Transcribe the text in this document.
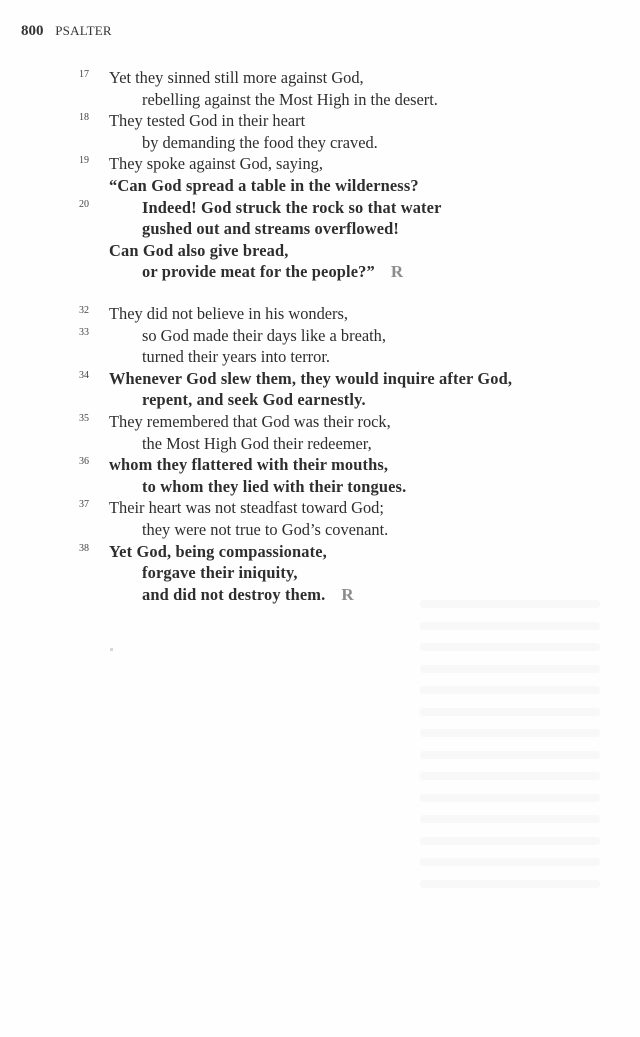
800 PSALTER
17 Yet they sinned still more against God,
rebelling against the Most High in the desert.
18 They tested God in their heart
by demanding the food they craved.
19 They spoke against God, saying,
“Can God spread a table in the wilderness?
20	Indeed! God struck the rock so that water
gushed out and streams overflowed!
Can God also give bread,
or provide meat for the people?” R
32 They did not believe in his wonders,
33	so God made their days like a breath,
turned their years into terror.
34 Whenever God slew them, they would inquire after God,
repent, and seek God earnestly.
35 They remembered that God was their rock,
the Most High God their redeemer,
36 whom they flattered with their mouths,
to whom they lied with their tongues.
37 Their heart was not steadfast toward God;
they were not true to God’s covenant.
38 Yet God, being compassionate,
forgave their iniquity,
and did not destroy them. R
